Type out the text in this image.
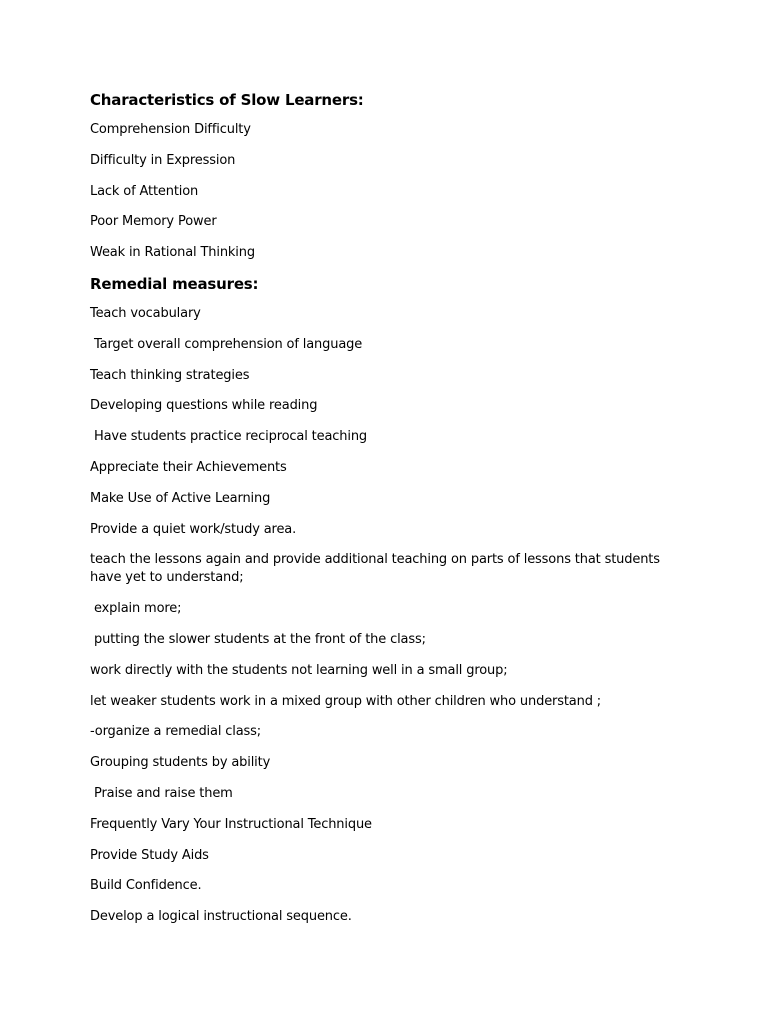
Characteristics of Slow Learners:
Comprehension Difficulty
Difficulty in Expression
Lack of Attention
Poor Memory Power
Weak in Rational Thinking
Remedial measures:
Teach vocabulary
Target overall comprehension of language
Teach thinking strategies
Developing questions while reading
Have students practice reciprocal teaching
Appreciate their Achievements
Make Use of Active Learning
Provide a quiet work/study area.
teach the lessons again and provide additional teaching on parts of lessons that students have yet to understand;
explain more;
putting the slower students at the front of the class;
work directly with the students not learning well in a small group;
let weaker students work in a mixed group with other children who understand ;
-organize a remedial class;
Grouping students by ability
Praise and raise them
Frequently Vary Your Instructional Technique
Provide Study Aids
Build Confidence.
Develop a logical instructional sequence.
